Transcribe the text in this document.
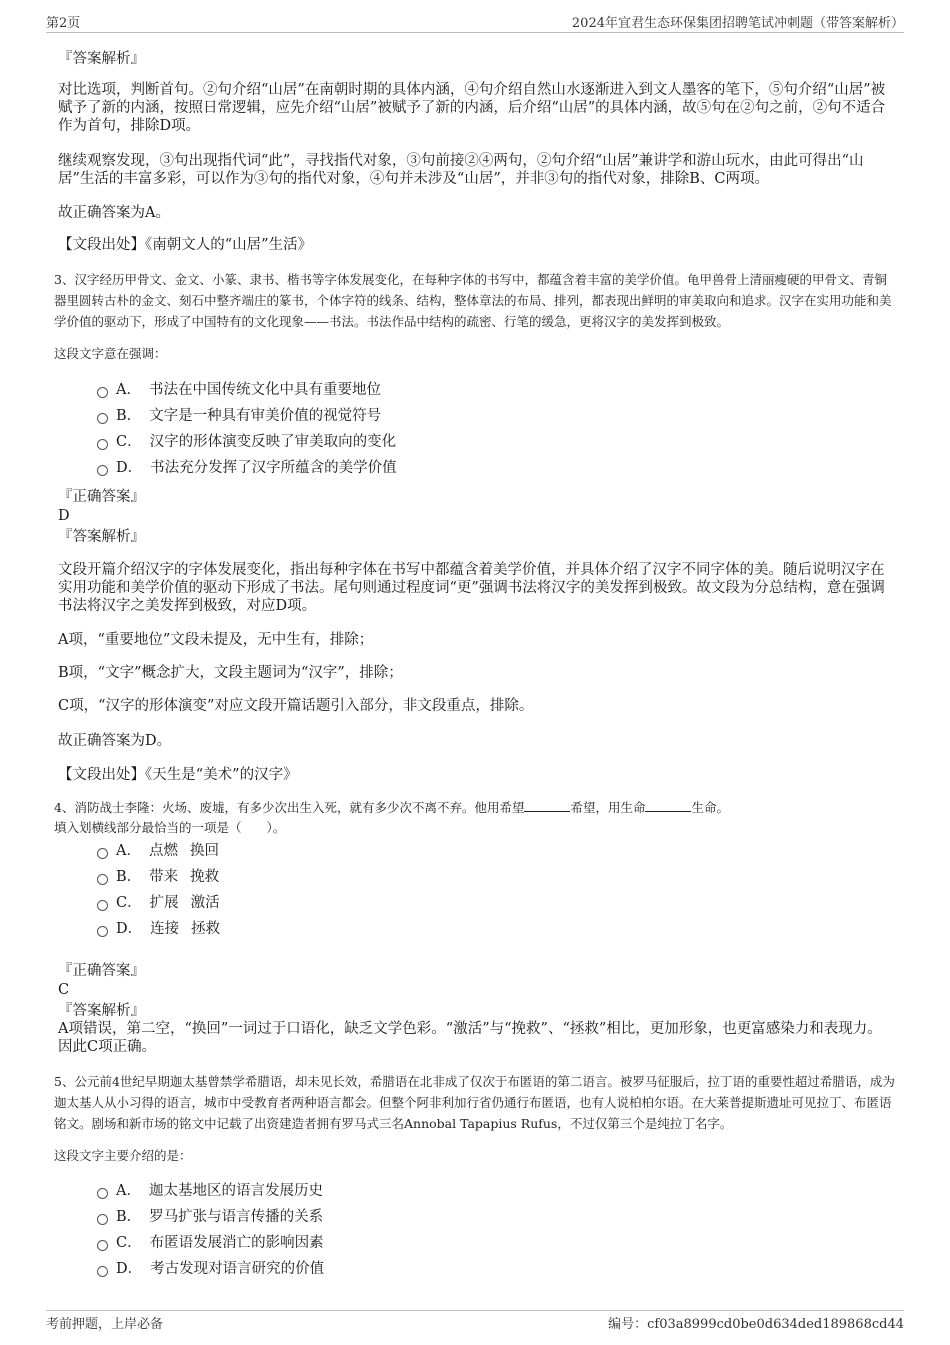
第2页	2024年宜君生态环保集团招聘笔试冲刺题（带答案解析）

『答案解析』

对比选项，判断首句。②句介绍“山居”在南朝时期的具体内涵，④句介绍自然山水逐渐进入到文人墨客的笔下，⑤句介绍“山居”被赋予了新的内涵，按照日常逻辑，应先介绍“山居”被赋予了新的内涵，后介绍“山居”的具体内涵，故⑤句在②句之前，②句不适合作为首句，排除D项。

继续观察发现，③句出现指代词“此”，寻找指代对象，③句前接②④两句，②句介绍“山居”兼讲学和游山玩水，由此可得出“山居”生活的丰富多彩，可以作为③句的指代对象，④句并未涉及“山居”，并非③句的指代对象，排除B、C两项。

故正确答案为A。

【文段出处】《南朝文人的“山居”生活》

3、汉字经历甲骨文、金文、小篆、隶书、楷书等字体发展变化，在每种字体的书写中，都蕴含着丰富的美学价值。龟甲兽骨上清丽瘦硬的甲骨文、青铜器里圆转古朴的金文、刻石中整齐端庄的篆书，个体字符的线条、结构，整体章法的布局、排列，都表现出鲜明的审美取向和追求。汉字在实用功能和美学价值的驱动下，形成了中国特有的文化现象——书法。书法作品中结构的疏密、行笔的缓急，更将汉字的美发挥到极致。

这段文字意在强调：

A． 书法在中国传统文化中具有重要地位
B． 文字是一种具有审美价值的视觉符号
C． 汉字的形体演变反映了审美取向的变化
D． 书法充分发挥了汉字所蕴含的美学价值

『正确答案』

D

『答案解析』

文段开篇介绍汉字的字体发展变化，指出每种字体在书写中都蕴含着美学价值，并具体介绍了汉字不同字体的美。随后说明汉字在实用功能和美学价值的驱动下形成了书法。尾句则通过程度词“更”强调书法将汉字的美发挥到极致。故文段为分总结构，意在强调书法将汉字之美发挥到极致，对应D项。

A项，“重要地位”文段未提及，无中生有，排除；

B项，“文字”概念扩大，文段主题词为“汉字”，排除；

C项，“汉字的形体演变”对应文段开篇话题引入部分，非文段重点，排除。

故正确答案为D。

【文段出处】《天生是“美术”的汉字》

4、消防战士李隆：火场、废墟，有多少次出生入死，就有多少次不离不弃。他用希望	希望，用生命	生命。

填入划横线部分最恰当的一项是（　　）。

A． 点燃 换回
B． 带来 挽救
C． 扩展 激活
D． 连接 拯救

『正确答案』

C

『答案解析』

A项错误，第二空，“换回”一词过于口语化，缺乏文学色彩。“激活”与“挽救”、“拯救”相比，更加形象，也更富感染力和表现力。因此C项正确。

5、公元前4世纪早期迦太基曾禁学希腊语，却未见长效，希腊语在北非成了仅次于布匿语的第二语言。被罗马征服后，拉丁语的重要性超过希腊语，成为迦太基人从小习得的语言，城市中受教育者两种语言都会。但整个阿非利加行省仍通行布匿语，也有人说柏柏尔语。在大莱普提斯遗址可见拉丁、布匿语铭文。剧场和新市场的铭文中记载了出资建造者拥有罗马式三名Annobal Tapapius Rufus，不过仅第三个是纯拉丁名字。

这段文字主要介绍的是：

A． 迦太基地区的语言发展历史
B． 罗马扩张与语言传播的关系
C． 布匿语发展消亡的影响因素
D． 考古发现对语言研究的价值
考前押题，上岸必备	编号：cf03a8999cd0be0d634ded189868cd44
